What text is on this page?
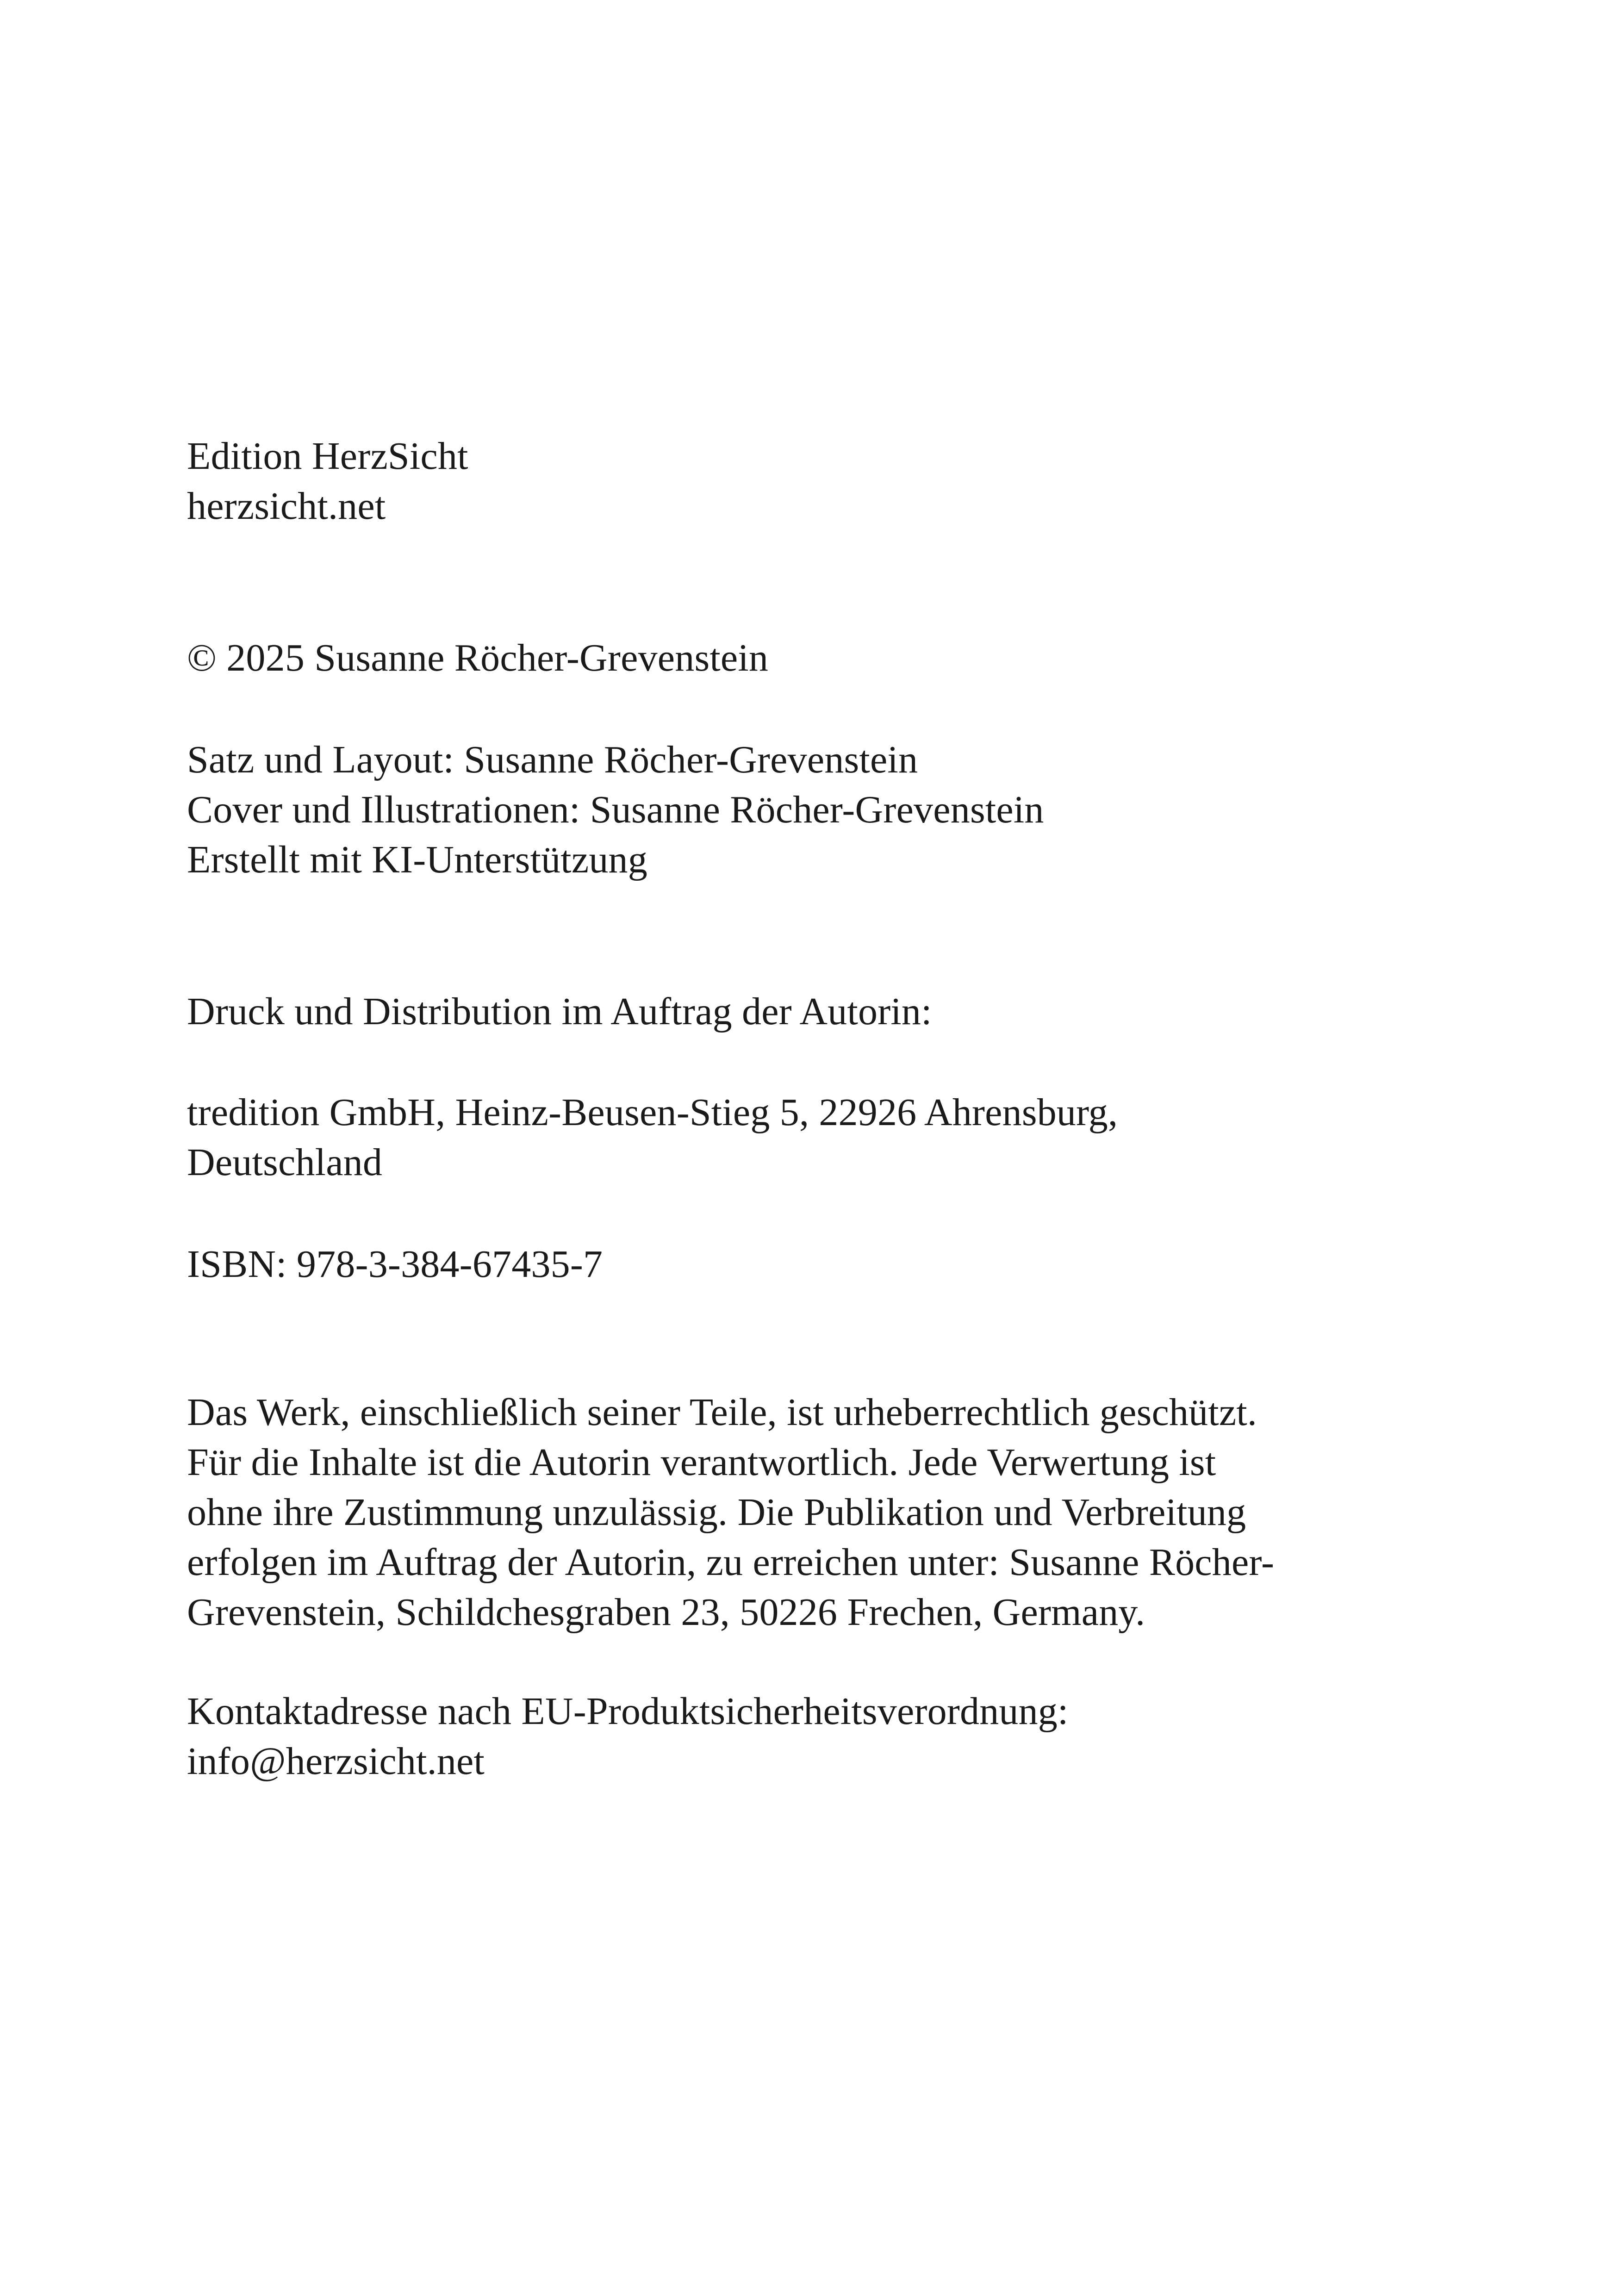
Edition HerzSicht
herzsicht.net
© 2025 Susanne Röcher-Grevenstein
Satz und Layout: Susanne Röcher-Grevenstein
Cover und Illustrationen: Susanne Röcher-Grevenstein
Erstellt mit KI-Unterstützung
Druck und Distribution im Auftrag der Autorin:
tredition GmbH, Heinz-Beusen-Stieg 5, 22926 Ahrensburg,
Deutschland
ISBN: 978-3-384-67435-7
Das Werk, einschließlich seiner Teile, ist urheberrechtlich geschützt.
Für die Inhalte ist die Autorin verantwortlich. Jede Verwertung ist
ohne ihre Zustimmung unzulässig. Die Publikation und Verbreitung
erfolgen im Auftrag der Autorin, zu erreichen unter: Susanne Röcher-
Grevenstein, Schildchesgraben 23, 50226 Frechen, Germany.
Kontaktadresse nach EU-Produktsicherheitsverordnung:
info@herzsicht.net
